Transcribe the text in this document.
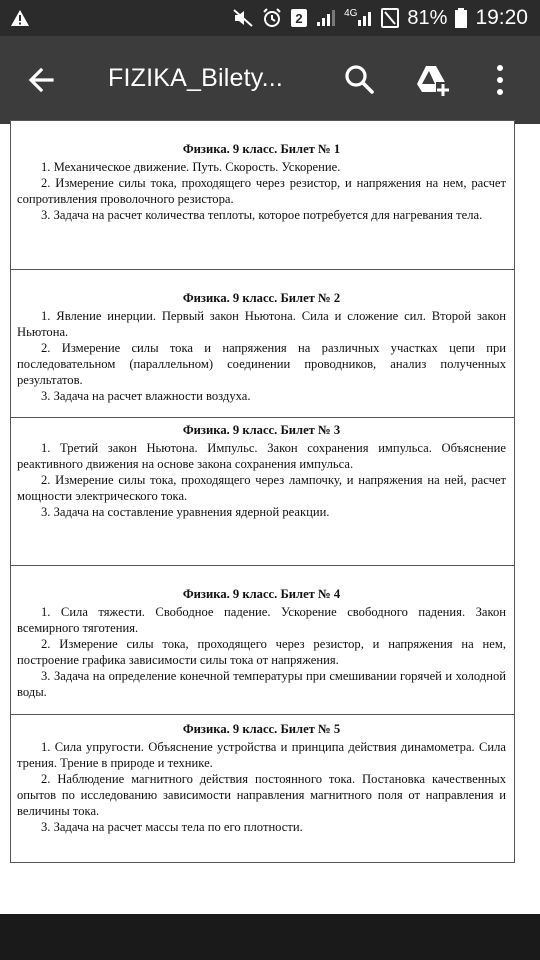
2	4G	81% 19:20
FIZIKA_Bilety...
Физика. 9 класс. Билет № 1

1. Механическое движение. Путь. Скорость. Ускорение.

2. Измерение силы тока, проходящего через резистор, и напряжения на нем, расчет сопротивления проволочного резистора.

3. Задача на расчет количества теплоты, которое потребуется для нагревания тела.

Физика. 9 класс. Билет № 2

1. Явление инерции. Первый закон Ньютона. Сила и сложение сил. Второй закон Ньютона.

2. Измерение силы тока и напряжения на различных участках цепи при последовательном (параллельном) соединении проводников, анализ полученных результатов.

3. Задача на расчет влажности воздуха.

Физика. 9 класс. Билет № 3

1. Третий закон Ньютона. Импульс. Закон сохранения импульса. Объяснение реактивного движения на основе закона сохранения импульса.

2. Измерение силы тока, проходящего через лампочку, и напряжения на ней, расчет мощности электрического тока.

3. Задача на составление уравнения ядерной реакции.

Физика. 9 класс. Билет № 4

1. Сила тяжести. Свободное падение. Ускорение свободного падения. Закон всемирного тяготения.

2. Измерение силы тока, проходящего через резистор, и напряжения на нем, построение графика зависимости силы тока от напряжения.

3. Задача на определение конечной температуры при смешивании горячей и холодной воды.

Физика. 9 класс. Билет № 5

1. Сила упругости. Объяснение устройства и принципа действия динамометра. Сила трения. Трение в природе и технике.

2. Наблюдение магнитного действия постоянного тока. Постановка качественных опытов по исследованию зависимости направления магнитного поля от направления и величины тока.

3. Задача на расчет массы тела по его плотности.
